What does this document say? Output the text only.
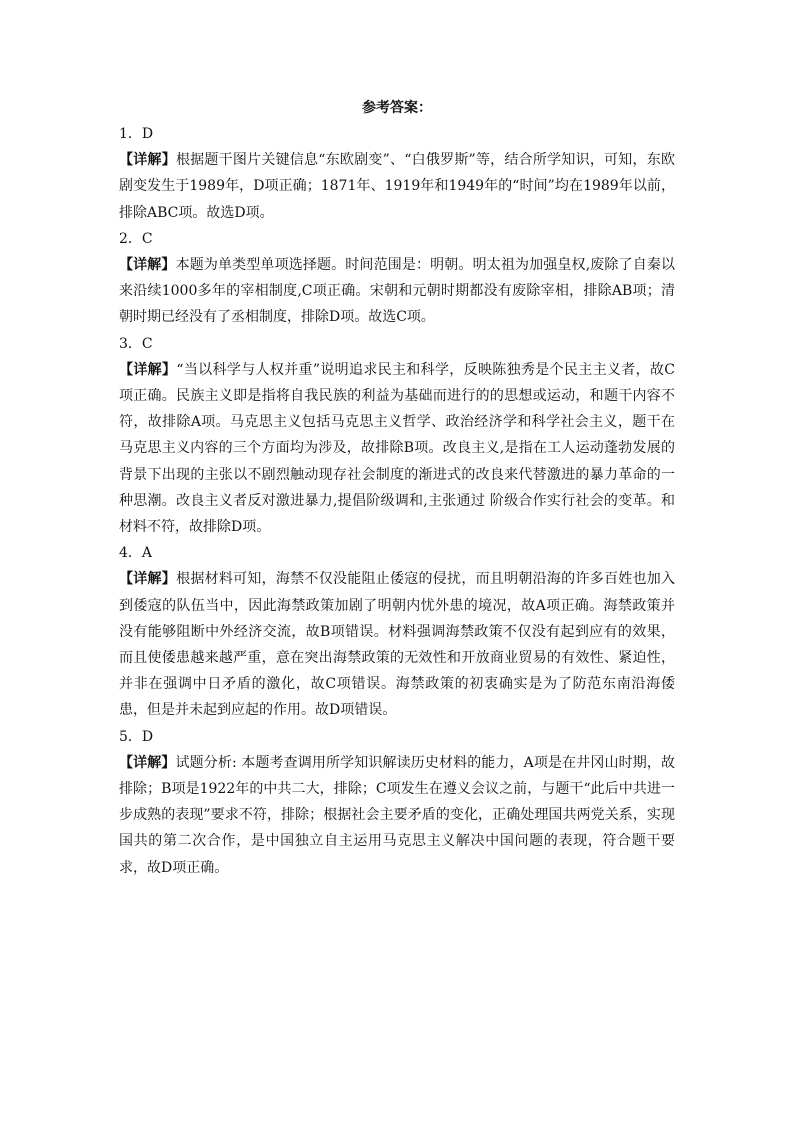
参考答案：

1．D

【详解】根据题干图片关键信息“东欧剧变”、“白俄罗斯”等，结合所学知识，可知，东欧剧变发生于1989年，D项正确；1871年、1919年和1949年的“时间”均在1989年以前，排除ABC项。故选D项。

2．C

【详解】本题为单类型单项选择题。时间范围是：明朝。明太祖为加强皇权,废除了自秦以来沿续1000多年的宰相制度,C项正确。宋朝和元朝时期都没有废除宰相，排除AB项；清朝时期已经没有了丞相制度，排除D项。故选C项。

3．C

【详解】“当以科学与人权并重”说明追求民主和科学，反映陈独秀是个民主主义者，故C项正确。民族主义即是指将自我民族的利益为基础而进行的的思想或运动，和题干内容不符，故排除A项。马克思主义包括马克思主义哲学、政治经济学和科学社会主义，题干在马克思主义内容的三个方面均为涉及，故排除B项。改良主义,是指在工人运动蓬勃发展的背景下出现的主张以不剧烈触动现存社会制度的渐进式的改良来代替激进的暴力革命的一种思潮。改良主义者反对激进暴力,提倡阶级调和,主张通过 阶级合作实行社会的变革。和材料不符，故排除D项。

4．A

【详解】根据材料可知，海禁不仅没能阻止倭寇的侵扰，而且明朝沿海的许多百姓也加入到倭寇的队伍当中，因此海禁政策加剧了明朝内忧外患的境况，故A项正确。海禁政策并没有能够阻断中外经济交流，故B项错误。材料强调海禁政策不仅没有起到应有的效果，而且使倭患越来越严重，意在突出海禁政策的无效性和开放商业贸易的有效性、紧迫性，并非在强调中日矛盾的激化，故C项错误。海禁政策的初衷确实是为了防范东南沿海倭患，但是并未起到应起的作用。故D项错误。

5．D

【详解】试题分析: 本题考查调用所学知识解读历史材料的能力，A项是在井冈山时期，故排除；B项是1922年的中共二大，排除；C项发生在遵义会议之前，与题干“此后中共进一步成熟的表现”要求不符，排除；根据社会主要矛盾的变化，正确处理国共两党关系，实现国共的第二次合作，是中国独立自主运用马克思主义解决中国问题的表现，符合题干要求，故D项正确。
